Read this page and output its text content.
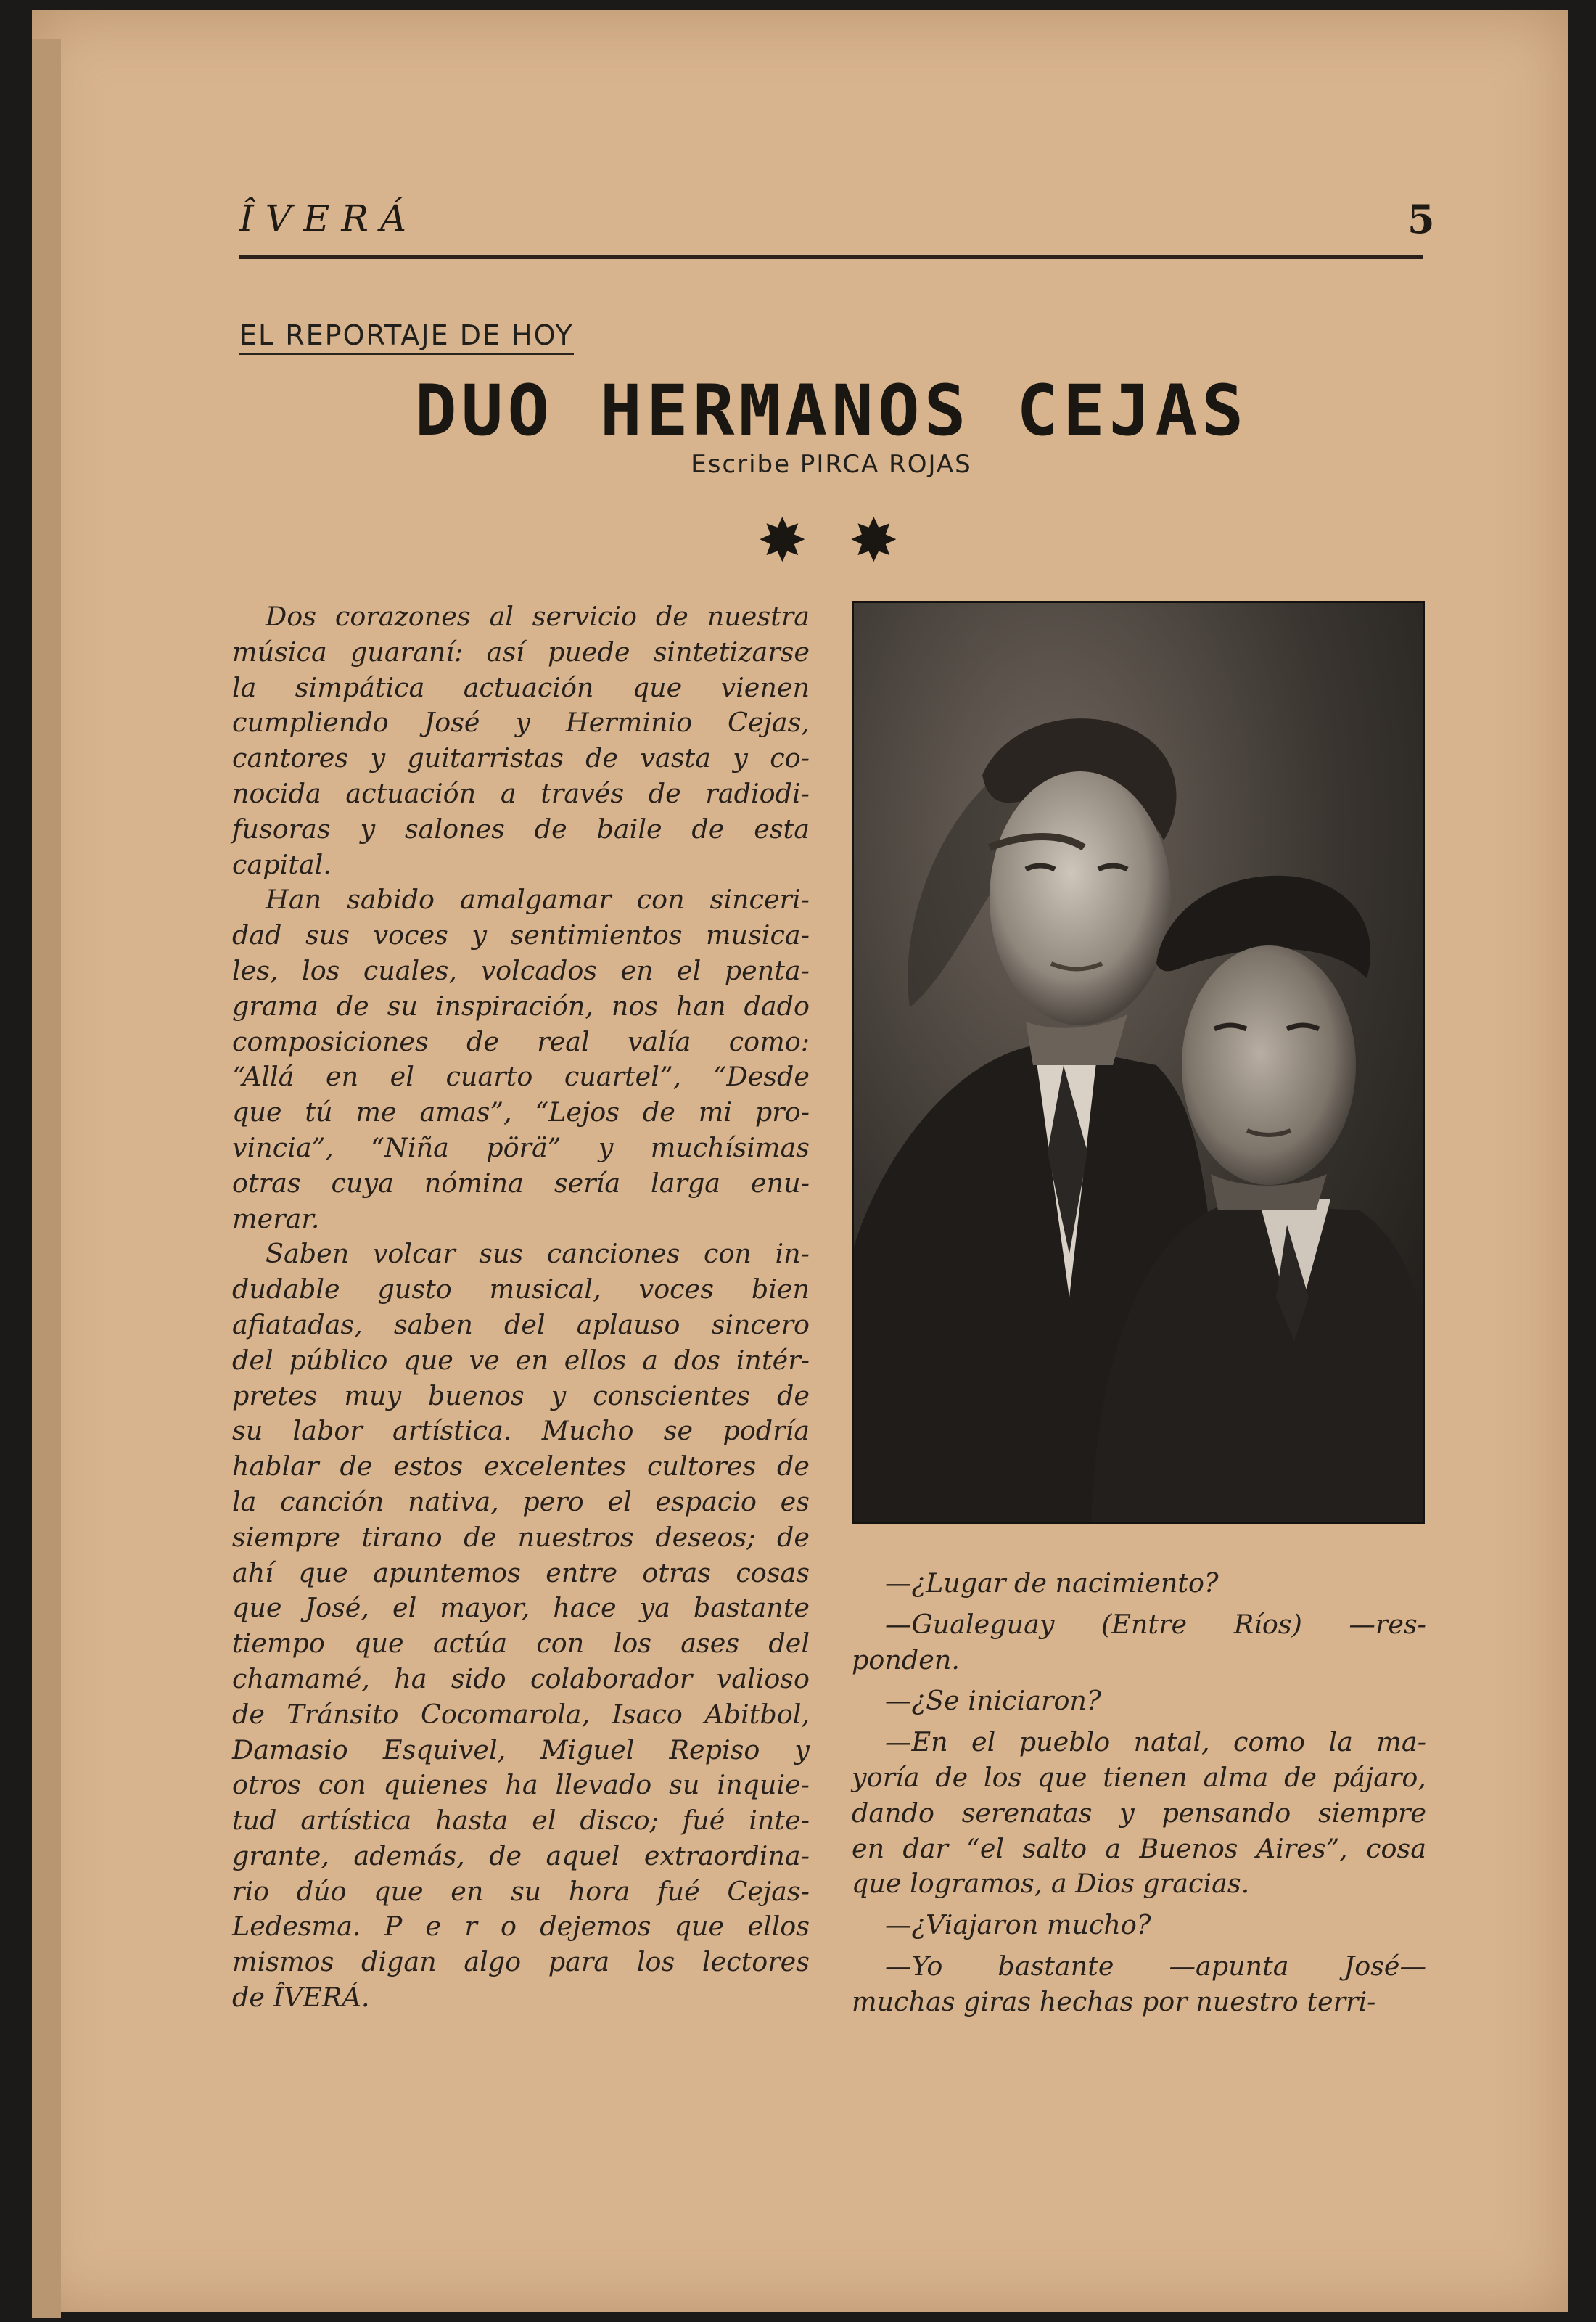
ÎVERÁ	5
EL REPORTAJE DE HOY
DUO HERMANOS CEJAS
Escribe PIRCA ROJAS
✸ ✸

Dos corazones al servicio de nuestra
música guaraní: así puede sintetizarse
la simpática actuación que vienen
cumpliendo José y Herminio Cejas,
cantores y guitarristas de vasta y co-
nocida actuación a través de radiodi-
fusoras y salones de baile de esta
capital.

Han sabido amalgamar con sinceri-
dad sus voces y sentimientos musica-
les, los cuales, volcados en el penta-
grama de su inspiración, nos han dado
composiciones de real valía como:
“Allá en el cuarto cuartel”, “Desde
que tú me amas”, “Lejos de mi pro-
vincia”, “Niña pörä” y muchísimas
otras cuya nómina sería larga enu-
merar.

Saben volcar sus canciones con in-
dudable gusto musical, voces bien
afiatadas, saben del aplauso sincero
del público que ve en ellos a dos intér-
pretes muy buenos y conscientes de
su labor artística. Mucho se podría
hablar de estos excelentes cultores de
la canción nativa, pero el espacio es
siempre tirano de nuestros deseos; de
ahí que apuntemos entre otras cosas
que José, el mayor, hace ya bastante
tiempo que actúa con los ases del
chamamé, ha sido colaborador valioso
de Tránsito Cocomarola, Isaco Abitbol,
Damasio Esquivel, Miguel Repiso y
otros con quienes ha llevado su inquie-
tud artística hasta el disco; fué inte-
grante, además, de aquel extraordina-
rio dúo que en su hora fué Cejas-
Ledesma. P e r o dejemos que ellos
mismos digan algo para los lectores
de ÎVERÁ.

—¿Lugar de nacimiento?

—Gualeguay (Entre Ríos) —res-
ponden.

—¿Se iniciaron?

—En el pueblo natal, como la ma-
yoría de los que tienen alma de pájaro,
dando serenatas y pensando siempre
en dar “el salto a Buenos Aires”, cosa
que logramos, a Dios gracias.

—¿Viajaron mucho?

—Yo bastante —apunta José—
muchas giras hechas por nuestro terri-
